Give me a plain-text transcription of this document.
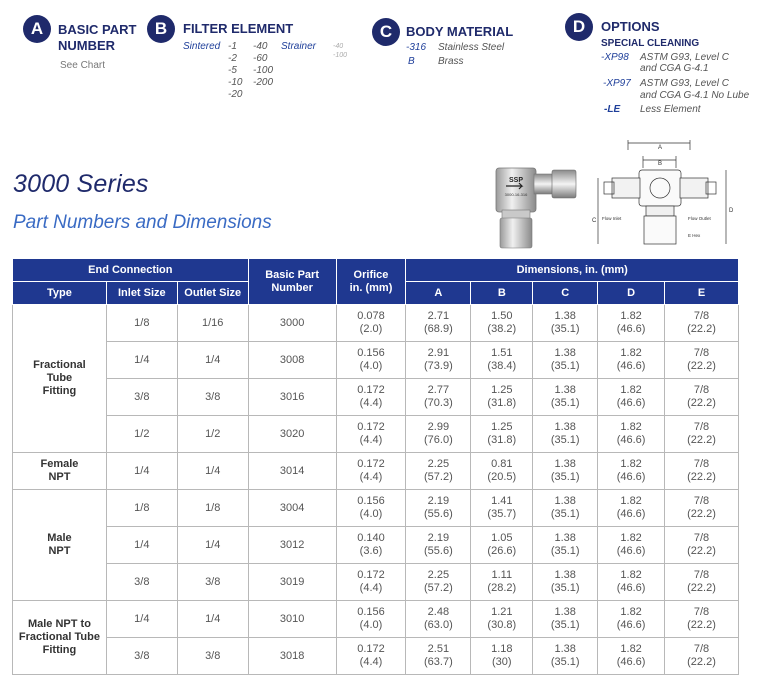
A	BASIC PART
NUMBER
See Chart
B	FILTER ELEMENT
Sintered -1
-2
-5
-10
-20
-40
-60
-100
-200
Strainer -40
-100
C	BODY MATERIAL
-316 Stainless Steel
B Brass
D	OPTIONS
SPECIAL CLEANING
-XP98 ASTM G93, Level C
and CGA G-4.1
-XP97 ASTM G93, Level C
and CGA G-4.1 No Lube
-LE Less Element
3000 Series
Part Numbers and Dimensions
SSP
3000-16-316
A
B
C
D
Flow Inlet	Flow Outlet
E Hex
End Connection			Basic Part Number	Orifice
in. (mm)	Dimensions, in. (mm)				
Type	Inlet Size	Outlet Size			A	B	C	D	E

Fractional
Tube
Fitting	1/8	1/16	3000	0.078
(2.0)	2.71
(68.9)	1.50
(38.2)	1.38
(35.1)	1.82
(46.6)	7/8
(22.2)

	1/4	1/4	3008	0.156
(4.0)	2.91
(73.9)	1.51
(38.4)	1.38
(35.1)	1.82
(46.6)	7/8
(22.2)

	3/8	3/8	3016	0.172
(4.4)	2.77
(70.3)	1.25
(31.8)	1.38
(35.1)	1.82
(46.6)	7/8
(22.2)

	1/2	1/2	3020	0.172
(4.4)	2.99
(76.0)	1.25
(31.8)	1.38
(35.1)	1.82
(46.6)	7/8
(22.2)

Female
NPT	1/4	1/4	3014	0.172
(4.4)	2.25
(57.2)	0.81
(20.5)	1.38
(35.1)	1.82
(46.6)	7/8
(22.2)

Male
NPT	1/8	1/8	3004	0.156
(4.0)	2.19
(55.6)	1.41
(35.7)	1.38
(35.1)	1.82
(46.6)	7/8
(22.2)

	1/4	1/4	3012	0.140
(3.6)	2.19
(55.6)	1.05
(26.6)	1.38
(35.1)	1.82
(46.6)	7/8
(22.2)

	3/8	3/8	3019	0.172
(4.4)	2.25
(57.2)	1.11
(28.2)	1.38
(35.1)	1.82
(46.6)	7/8
(22.2)

Male NPT to
Fractional Tube
Fitting	1/4	1/4	3010	0.156
(4.0)	2.48
(63.0)	1.21
(30.8)	1.38
(35.1)	1.82
(46.6)	7/8
(22.2)

	3/8	3/8	3018	0.172
(4.4)	2.51
(63.7)	1.18
(30)	1.38
(35.1)	1.82
(46.6)	7/8
(22.2)
